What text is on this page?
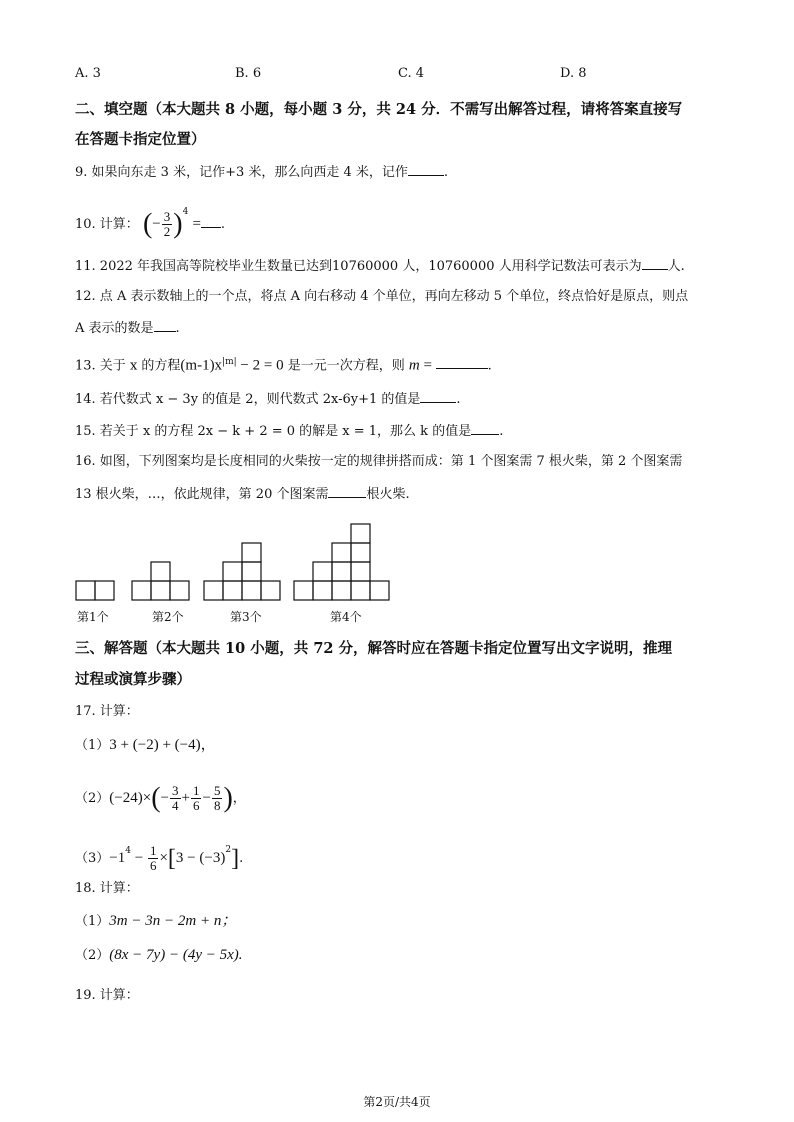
A. 3	B. 6	C. 4	D. 8
二、填空题（本大题共 8 小题，每小题 3 分，共 24 分．不需写出解答过程，请将答案直接写
在答题卡指定位置）
9. 如果向东走 3 米，记作+3 米，那么向西走 4 米，记作	.
10. 计算： (− $\frac{3}{2} )^4$ = .
11. 2022 年我国高等院校毕业生数量已达到10760000 人，10760000 人用科学记数法可表示为 人.
12. 点 A 表示数轴上的一个点，将点 A 向右移动 4 个单位，再向左移动 5 个单位，终点恰好是原点，则点
A 表示的数是 .
13. 关于 x 的方程$(m-1)x^{|m|} - 2 = 0$ 是一元一次方程，则 m =	.
14. 若代数式 x − 3y 的值是 2，则代数式 2x-6y+1 的值是	.
15. 若关于 x 的方程 2x − k + 2 = 0 的解是 x = 1，那么 k 的值是 .
16. 如图，下列图案均是长度相同的火柴按一定的规律拼搭而成：第 1 个图案需 7 根火柴，第 2 个图案需
13 根火柴，…，依此规律，第 20 个图案需	根火柴.
第1个	第2个	第3个	第4个
三、解答题（本大题共 10 小题，共 72 分，解答时应在答题卡指定位置写出文字说明，推理
过程或演算步骤）
17. 计算：
（1）3 + (−2) + (−4)，
$(2)(-24)\times(- \frac{3}{4} + \frac{1}{6} - \frac{5}{8}$ )，
$(3)-1^4 - \frac{1}{6} \times[3 - (-3)^2]$.
18. 计算：
（1）3m − 3n − 2m + n；
（2）(8x − 7y) − (4y − 5x).
19. 计算：
第2页/共4页
